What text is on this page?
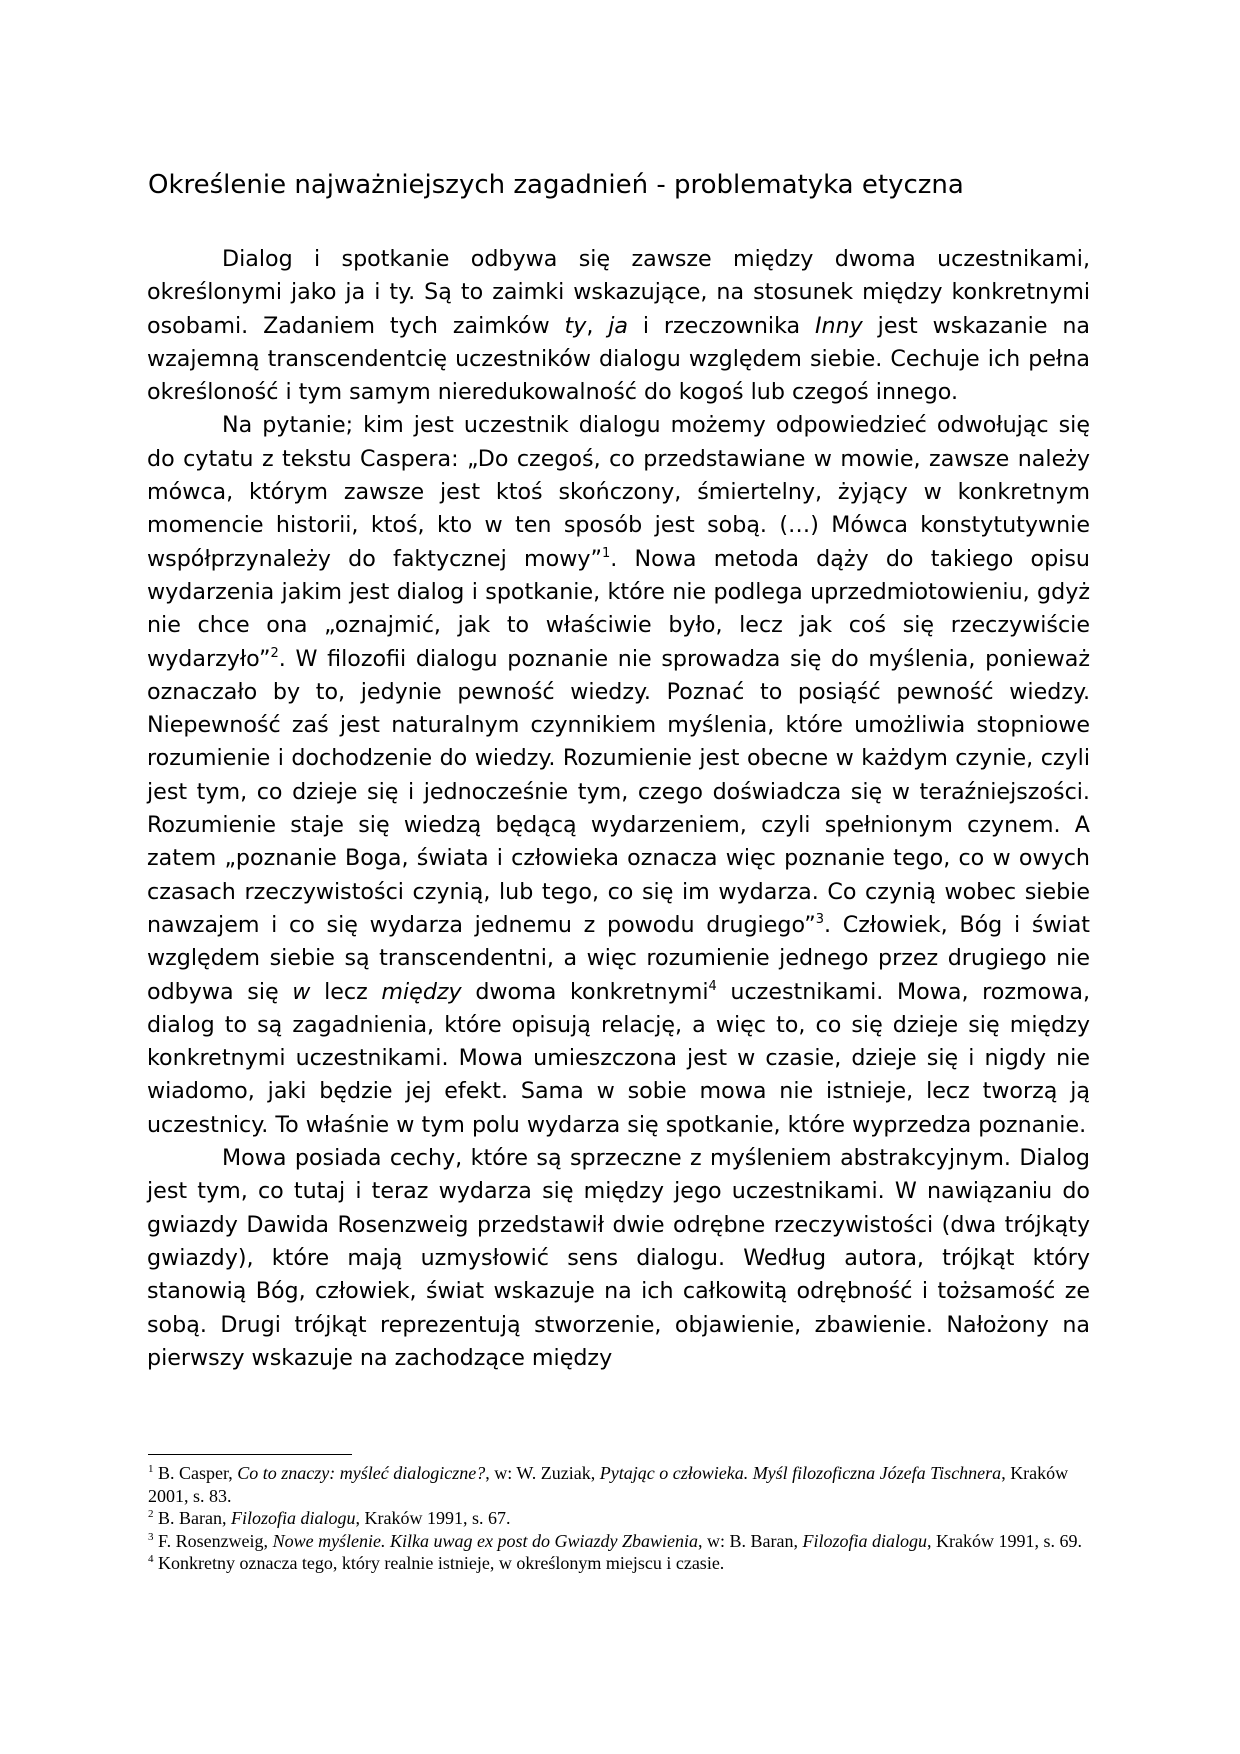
Określenie najważniejszych zagadnień - problematyka etyczna

Dialog i spotkanie odbywa się zawsze między dwoma uczestnikami, określonymi jako ja i ty. Są to zaimki wskazujące, na stosunek między konkretnymi osobami. Zadaniem tych zaimków ty, ja i rzeczownika Inny jest wskazanie na wzajemną transcendentcię uczestników dialogu względem siebie. Cechuje ich pełna określoność i tym samym nieredukowalność do kogoś lub czegoś innego.

Na pytanie; kim jest uczestnik dialogu możemy odpowiedzieć odwołując się do cytatu z tekstu Caspera: „Do czegoś, co przedstawiane w mowie, zawsze należy mówca, którym zawsze jest ktoś skończony, śmiertelny, żyjący w konkretnym momencie historii, ktoś, kto w ten sposób jest sobą. (…) Mówca konstytutywnie współprzynależy do faktycznej mowy”$^1$. Nowa metoda dąży do takiego opisu wydarzenia jakim jest dialog i spotkanie, które nie podlega uprzedmiotowieniu, gdyż nie chce ona „oznajmić, jak to właściwie było, lecz jak coś się rzeczywiście wydarzyło”$^2$. W filozofii dialogu poznanie nie sprowadza się do myślenia, ponieważ oznaczało by to, jedynie pewność wiedzy. Poznać to posiąść pewność wiedzy. Niepewność zaś jest naturalnym czynnikiem myślenia, które umożliwia stopniowe rozumienie i dochodzenie do wiedzy. Rozumienie jest obecne w każdym czynie, czyli jest tym, co dzieje się i jednocześnie tym, czego doświadcza się w teraźniejszości. Rozumienie staje się wiedzą będącą wydarzeniem, czyli spełnionym czynem. A zatem „poznanie Boga, świata i człowieka oznacza więc poznanie tego, co w owych czasach rzeczywistości czynią, lub tego, co się im wydarza. Co czynią wobec siebie nawzajem i co się wydarza jednemu z powodu drugiego”$^3$. Człowiek, Bóg i świat względem siebie są transcendentni, a więc rozumienie jednego przez drugiego nie odbywa się w lecz między dwoma konkretnymi$^4$ uczestnikami. Mowa, rozmowa, dialog to są zagadnienia, które opisują relację, a więc to, co się dzieje się między konkretnymi uczestnikami. Mowa umieszczona jest w czasie, dzieje się i nigdy nie wiadomo, jaki będzie jej efekt. Sama w sobie mowa nie istnieje, lecz tworzą ją uczestnicy. To właśnie w tym polu wydarza się spotkanie, które wyprzedza poznanie.

Mowa posiada cechy, które są sprzeczne z myśleniem abstrakcyjnym. Dialog jest tym, co tutaj i teraz wydarza się między jego uczestnikami. W nawiązaniu do gwiazdy Dawida Rosenzweig przedstawił dwie odrębne rzeczywistości (dwa trójkąty gwiazdy), które mają uzmysłowić sens dialogu. Według autora, trójkąt który stanowią Bóg, człowiek, świat wskazuje na ich całkowitą odrębność i tożsamość ze sobą. Drugi trójkąt reprezentują stworzenie, objawienie, zbawienie. Nałożony na pierwszy wskazuje na zachodzące między

$^1$ B. Casper, Co to znaczy: myśleć dialogiczne?, w: W. Zuziak, Pytając o człowieka. Myśl filozoficzna Józefa Tischnera, Kraków 2001, s. 83.

$^2$ B. Baran, Filozofia dialogu, Kraków 1991, s. 67.

$^3$ F. Rosenzweig, Nowe myślenie. Kilka uwag ex post do Gwiazdy Zbawienia, w: B. Baran, Filozofia dialogu, Kraków 1991, s. 69.

$^4$ Konkretny oznacza tego, który realnie istnieje, w określonym miejscu i czasie.
